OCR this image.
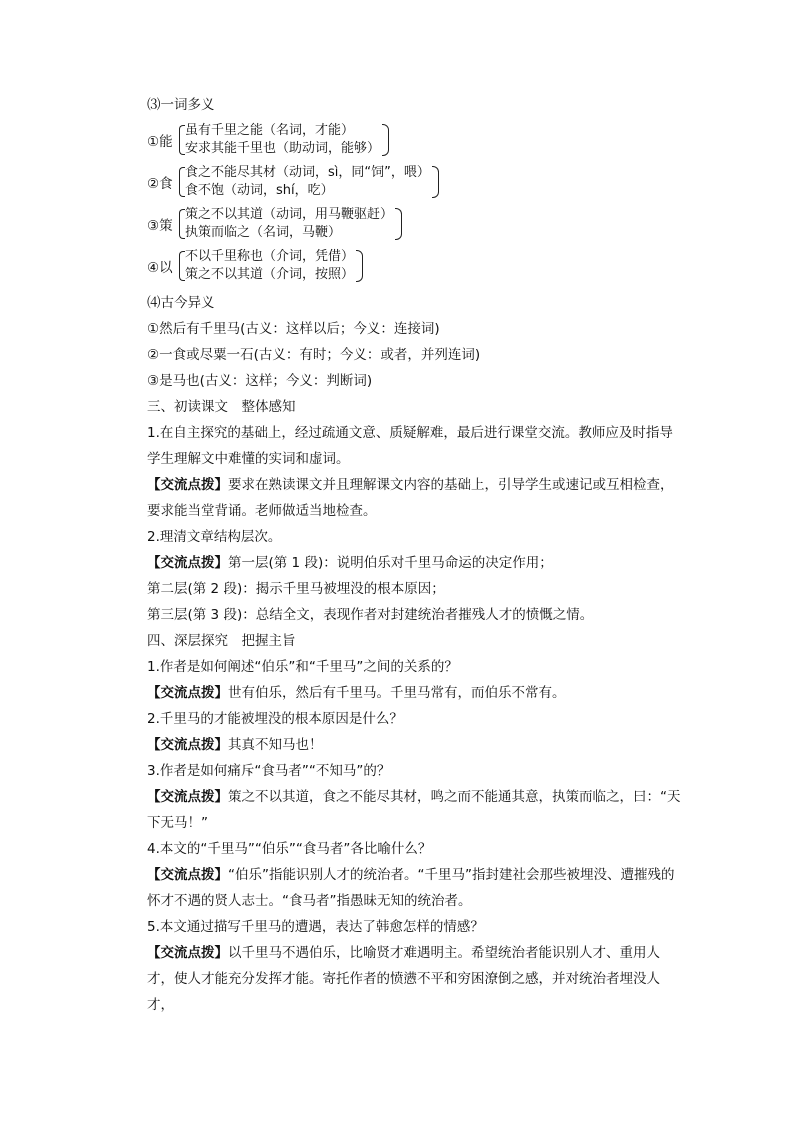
⑶一词多义
①能
虽有千里之能（名词，才能）
安求其能千里也（助动词，能够）
②食
食之不能尽其材（动词，sì，同“饲”，喂）
食不饱（动词，shí，吃）
③策
策之不以其道（动词，用马鞭驱赶）
执策而临之（名词，马鞭）
④以
不以千里称也（介词，凭借）
策之不以其道（介词，按照）
⑷古今异义
①然后有千里马(古义：这样以后；今义：连接词)
②一食或尽粟一石(古义：有时；今义：或者，并列连词)
③是马也(古义：这样；今义：判断词)
三、初读课文　整体感知
1.在自主探究的基础上，经过疏通文意、质疑解难，最后进行课堂交流。教师应及时指导学生理解文中难懂的实词和虚词。
【交流点拨】要求在熟读课文并且理解课文内容的基础上，引导学生或速记或互相检查，要求能当堂背诵。老师做适当地检查。
2.理清文章结构层次。
【交流点拨】第一层(第 1 段)：说明伯乐对千里马命运的决定作用；
第二层(第 2 段)：揭示千里马被埋没的根本原因；
第三层(第 3 段)：总结全文，表现作者对封建统治者摧残人才的愤慨之情。
四、深层探究　把握主旨
1.作者是如何阐述“伯乐”和“千里马”之间的关系的？
【交流点拨】世有伯乐，然后有千里马。千里马常有，而伯乐不常有。
2.千里马的才能被埋没的根本原因是什么？
【交流点拨】其真不知马也！
3.作者是如何痛斥“食马者”“不知马”的？
【交流点拨】策之不以其道，食之不能尽其材，鸣之而不能通其意，执策而临之，曰：“天下无马！”
4.本文的“千里马”“伯乐”“食马者”各比喻什么？
【交流点拨】“伯乐”指能识别人才的统治者。“千里马”指封建社会那些被埋没、遭摧残的怀才不遇的贤人志士。“食马者”指愚昧无知的统治者。
5.本文通过描写千里马的遭遇，表达了韩愈怎样的情感？
【交流点拨】以千里马不遇伯乐，比喻贤才难遇明主。希望统治者能识别人才、重用人才，使人才能充分发挥才能。寄托作者的愤懑不平和穷困潦倒之感，并对统治者埋没人才，
